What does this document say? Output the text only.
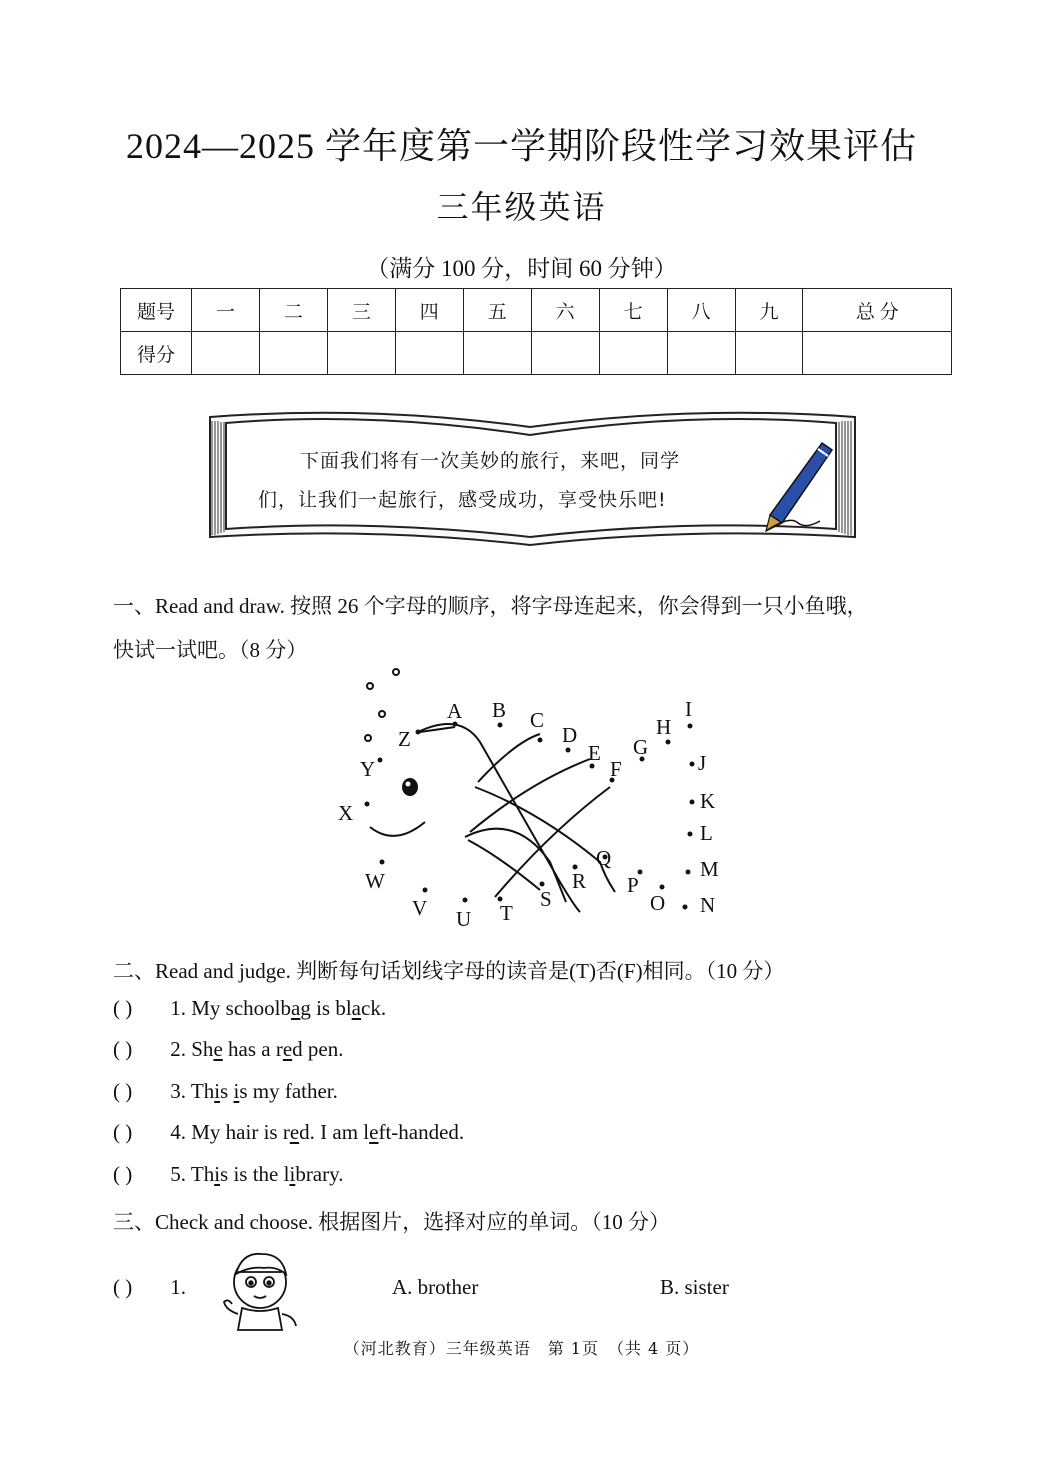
2024—2025 学年度第一学期阶段性学习效果评估
三年级英语
（满分 100 分，时间 60 分钟）
题号	一	二	三	四	五	六	七	八	九	总 分
得分										
下面我们将有一次美妙的旅行，来吧，同学
们，让我们一起旅行，感受成功，享受快乐吧!
一、Read and draw. 按照 26 个字母的顺序，将字母连起来，你会得到一只小鱼哦，
快试一试吧。（8 分）
A B C
D
E
F
G
H
I
J
K
L
M
N
O
P
Q
R
S
T
U
V
W
X
Y
Z
二、Read and judge. 判断每句话划线字母的读音是(T)否(F)相同。（10 分）
( ) 1. My schoolbag is black.
( ) 2. She has a red pen.
( ) 3. This is my father.
( ) 4. My hair is red. I am left-handed.
( ) 5. This is the library.
三、Check and choose. 根据图片，选择对应的单词。（10 分）
( ) 1.	A. brother	B. sister
（河北教育）三年级英语　第 1页　（共 4 页）
